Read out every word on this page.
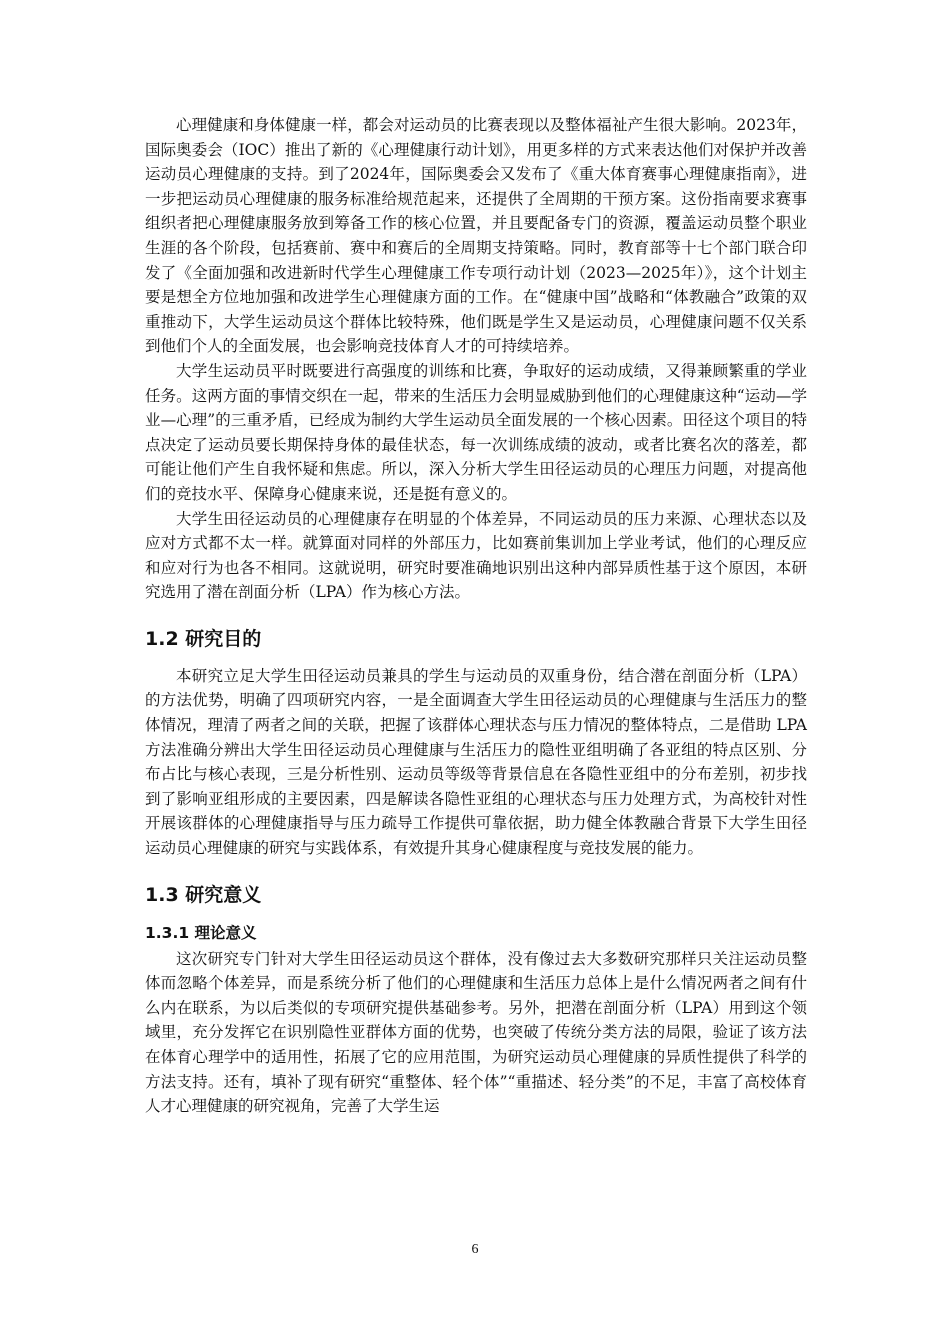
心理健康和身体健康一样，都会对运动员的比赛表现以及整体福祉产生很大影响。2023年，国际奥委会（IOC）推出了新的《心理健康行动计划》，用更多样的方式来表达他们对保护并改善运动员心理健康的支持。到了2024年，国际奥委会又发布了《重大体育赛事心理健康指南》，进一步把运动员心理健康的服务标准给规范起来，还提供了全周期的干预方案。这份指南要求赛事组织者把心理健康服务放到筹备工作的核心位置，并且要配备专门的资源，覆盖运动员整个职业生涯的各个阶段，包括赛前、赛中和赛后的全周期支持策略。同时，教育部等十七个部门联合印发了《全面加强和改进新时代学生心理健康工作专项行动计划（2023—2025年）》，这个计划主要是想全方位地加强和改进学生心理健康方面的工作。在“健康中国”战略和“体教融合”政策的双重推动下，大学生运动员这个群体比较特殊，他们既是学生又是运动员，心理健康问题不仅关系到他们个人的全面发展，也会影响竞技体育人才的可持续培养。

大学生运动员平时既要进行高强度的训练和比赛，争取好的运动成绩，又得兼顾繁重的学业任务。这两方面的事情交织在一起，带来的生活压力会明显威胁到他们的心理健康这种“运动—学业—心理”的三重矛盾，已经成为制约大学生运动员全面发展的一个核心因素。田径这个项目的特点决定了运动员要长期保持身体的最佳状态，每一次训练成绩的波动，或者比赛名次的落差，都可能让他们产生自我怀疑和焦虑。所以，深入分析大学生田径运动员的心理压力问题，对提高他们的竞技水平、保障身心健康来说，还是挺有意义的。

大学生田径运动员的心理健康存在明显的个体差异，不同运动员的压力来源、心理状态以及应对方式都不太一样。就算面对同样的外部压力，比如赛前集训加上学业考试，他们的心理反应和应对行为也各不相同。这就说明，研究时要准确地识别出这种内部异质性基于这个原因，本研究选用了潜在剖面分析（LPA）作为核心方法。

1.2 研究目的

本研究立足大学生田径运动员兼具的学生与运动员的双重身份，结合潜在剖面分析（LPA）的方法优势，明确了四项研究内容，一是全面调查大学生田径运动员的心理健康与生活压力的整体情况，理清了两者之间的关联，把握了该群体心理状态与压力情况的整体特点，二是借助 LPA 方法准确分辨出大学生田径运动员心理健康与生活压力的隐性亚组明确了各亚组的特点区别、分布占比与核心表现，三是分析性别、运动员等级等背景信息在各隐性亚组中的分布差别，初步找到了影响亚组形成的主要因素，四是解读各隐性亚组的心理状态与压力处理方式，为高校针对性开展该群体的心理健康指导与压力疏导工作提供可靠依据，助力健全体教融合背景下大学生田径运动员心理健康的研究与实践体系，有效提升其身心健康程度与竞技发展的能力。

1.3 研究意义
1.3.1 理论意义

这次研究专门针对大学生田径运动员这个群体，没有像过去大多数研究那样只关注运动员整体而忽略个体差异，而是系统分析了他们的心理健康和生活压力总体上是什么情况两者之间有什么内在联系，为以后类似的专项研究提供基础参考。另外，把潜在剖面分析（LPA）用到这个领域里，充分发挥它在识别隐性亚群体方面的优势，也突破了传统分类方法的局限，验证了该方法在体育心理学中的适用性，拓展了它的应用范围，为研究运动员心理健康的异质性提供了科学的方法支持。还有，填补了现有研究“重整体、轻个体”“重描述、轻分类”的不足，丰富了高校体育人才心理健康的研究视角，完善了大学生运

6
